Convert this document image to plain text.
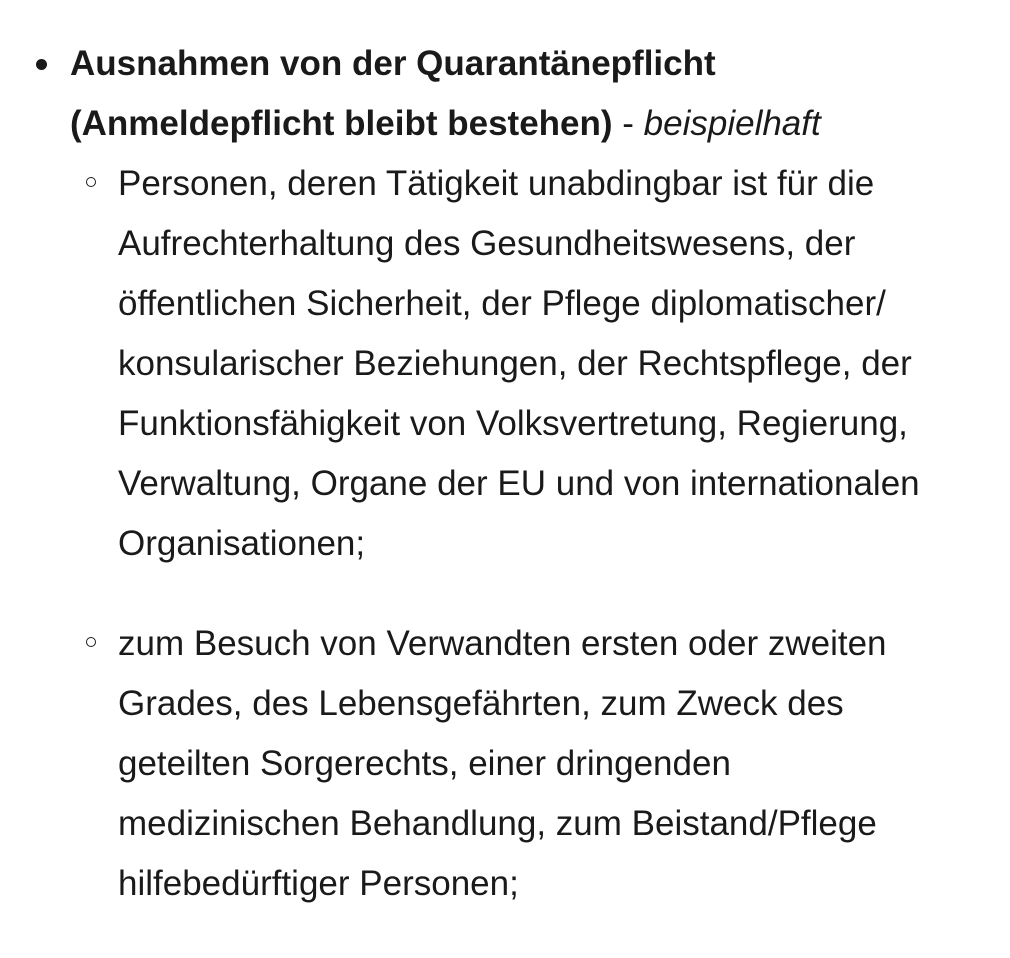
Ausnahmen von der Quarantänepflicht (Anmeldepflicht bleibt bestehen) - beispielhaft
Personen, deren Tätigkeit unabdingbar ist für die Aufrechterhaltung des Gesundheitswesens, der öffentlichen Sicherheit, der Pflege diplomatischer/ konsularischer Beziehungen, der Rechtspflege, der Funktionsfähigkeit von Volksvertretung, Regierung, Verwaltung, Organe der EU und von internationalen Organisationen;
zum Besuch von Verwandten ersten oder zweiten Grades, des Lebensgefährten, zum Zweck des geteilten Sorgerechts, einer dringenden medizinischen Behandlung, zum Beistand/Pflege hilfebedürftiger Personen;
